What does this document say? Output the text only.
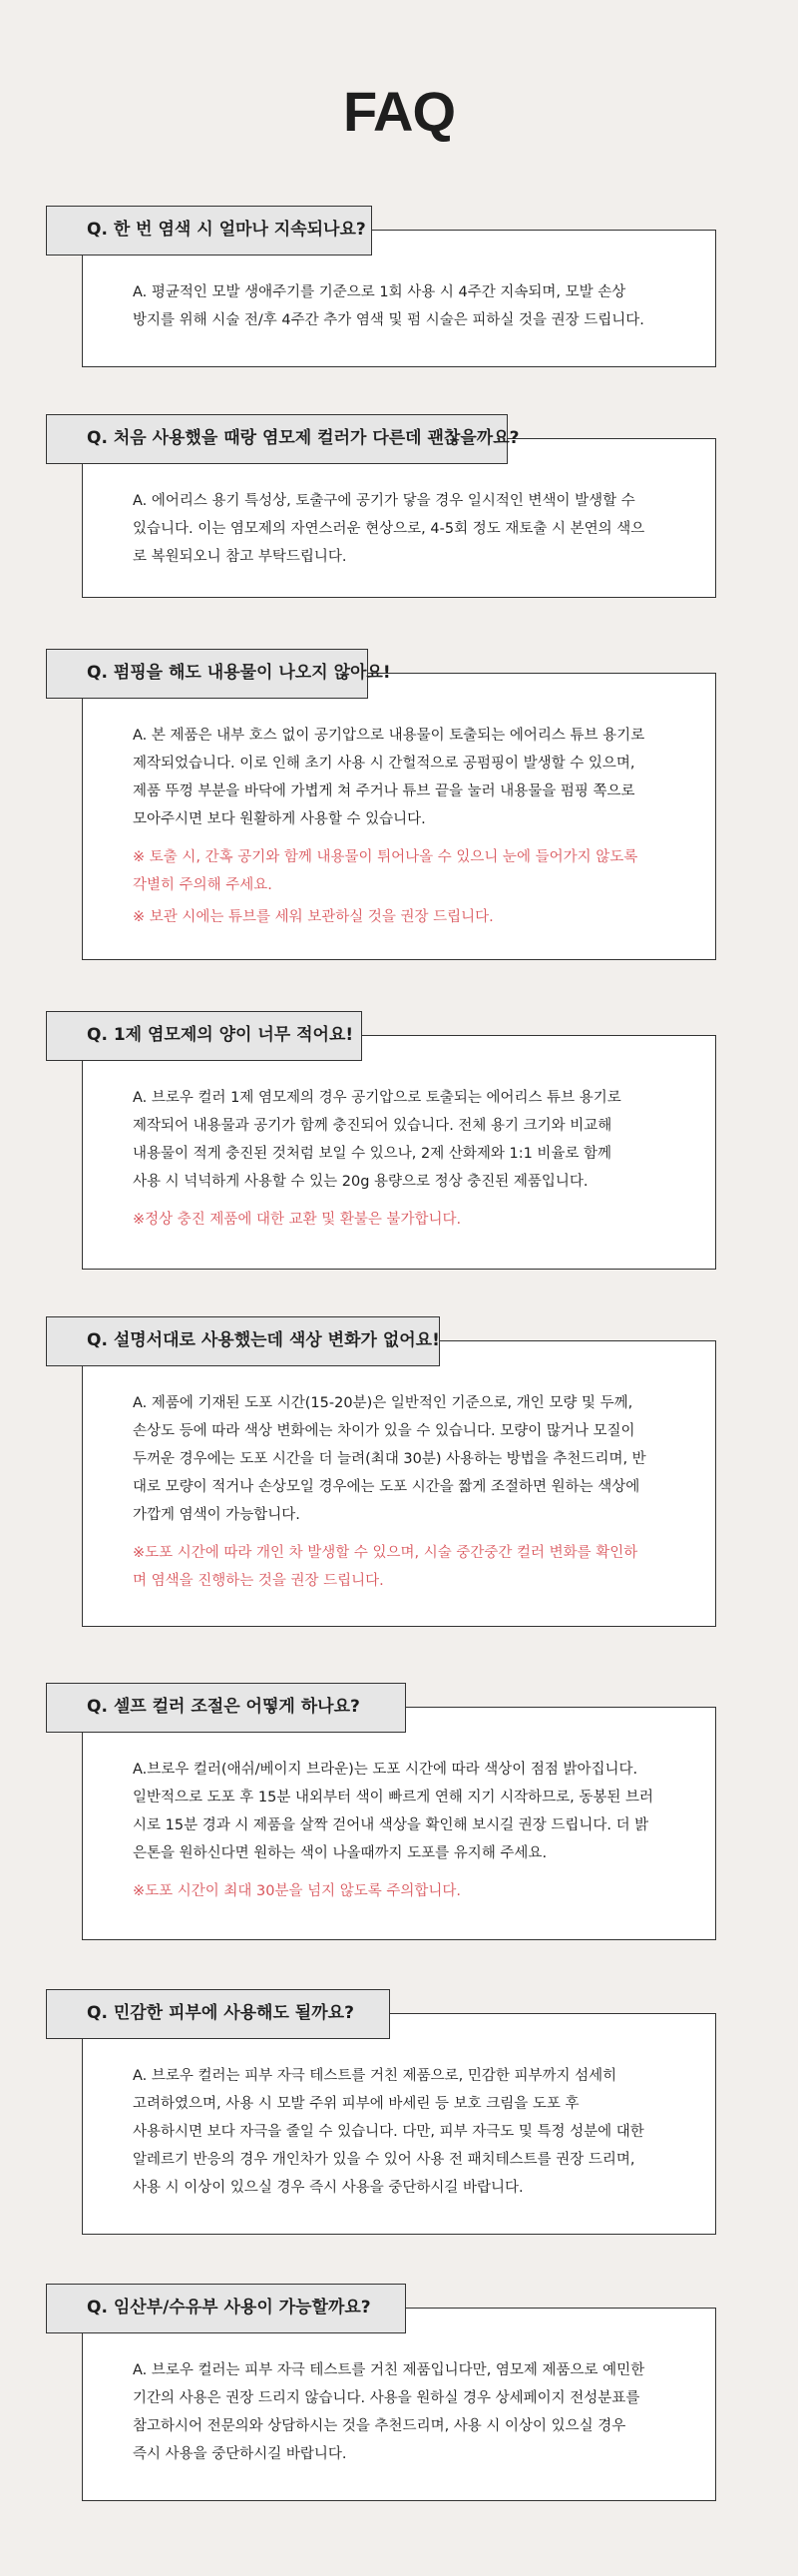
FAQ
Q. 한 번 염색 시 얼마나 지속되나요?

A. 평균적인 모발 생애주기를 기준으로 1회 사용 시 4주간 지속되며, 모발 손상
방지를 위해 시술 전/후 4주간 추가 염색 및 펌 시술은 피하실 것을 권장 드립니다.

Q. 처음 사용했을 때랑 염모제 컬러가 다른데 괜찮을까요?

A. 에어리스 용기 특성상, 토출구에 공기가 닿을 경우 일시적인 변색이 발생할 수
있습니다. 이는 염모제의 자연스러운 현상으로, 4-5회 정도 재토출 시 본연의 색으
로 복원되오니 참고 부탁드립니다.

Q. 펌핑을 해도 내용물이 나오지 않아요!

A. 본 제품은 내부 호스 없이 공기압으로 내용물이 토출되는 에어리스 튜브 용기로
제작되었습니다. 이로 인해 초기 사용 시 간헐적으로 공펌핑이 발생할 수 있으며,
제품 뚜껑 부분을 바닥에 가볍게 쳐 주거나 튜브 끝을 눌러 내용물을 펌핑 쪽으로
모아주시면 보다 원활하게 사용할 수 있습니다.

※ 토출 시, 간혹 공기와 함께 내용물이 튀어나올 수 있으니 눈에 들어가지 않도록
각별히 주의해 주세요.

※ 보관 시에는 튜브를 세워 보관하실 것을 권장 드립니다.

Q. 1제 염모제의 양이 너무 적어요!

A. 브로우 컬러 1제 염모제의 경우 공기압으로 토출되는 에어리스 튜브 용기로
제작되어 내용물과 공기가 함께 충진되어 있습니다. 전체 용기 크기와 비교해
내용물이 적게 충진된 것처럼 보일 수 있으나, 2제 산화제와 1:1 비율로 함께
사용 시 넉넉하게 사용할 수 있는 20g 용량으로 정상 충진된 제품입니다.

※정상 충진 제품에 대한 교환 및 환불은 불가합니다.

Q. 설명서대로 사용했는데 색상 변화가 없어요!

A. 제품에 기재된 도포 시간(15-20분)은 일반적인 기준으로, 개인 모량 및 두께,
손상도 등에 따라 색상 변화에는 차이가 있을 수 있습니다. 모량이 많거나 모질이
두꺼운 경우에는 도포 시간을 더 늘려(최대 30분) 사용하는 방법을 추천드리며, 반
대로 모량이 적거나 손상모일 경우에는 도포 시간을 짧게 조절하면 원하는 색상에
가깝게 염색이 가능합니다.

※도포 시간에 따라 개인 차 발생할 수 있으며, 시술 중간중간 컬러 변화를 확인하
며 염색을 진행하는 것을 권장 드립니다.

Q. 셀프 컬러 조절은 어떻게 하나요?

A.브로우 컬러(애쉬/베이지 브라운)는 도포 시간에 따라 색상이 점점 밝아집니다.
일반적으로 도포 후 15분 내외부터 색이 빠르게 연해 지기 시작하므로, 동봉된 브러
시로 15분 경과 시 제품을 살짝 걷어내 색상을 확인해 보시길 권장 드립니다. 더 밝
은톤을 원하신다면 원하는 색이 나올때까지 도포를 유지해 주세요.

※도포 시간이 최대 30분을 넘지 않도록 주의합니다.

Q. 민감한 피부에 사용해도 될까요?

A. 브로우 컬러는 피부 자극 테스트를 거친 제품으로, 민감한 피부까지 섬세히
고려하였으며, 사용 시 모발 주위 피부에 바세린 등 보호 크림을 도포 후
사용하시면 보다 자극을 줄일 수 있습니다. 다만, 피부 자극도 및 특정 성분에 대한
알레르기 반응의 경우 개인차가 있을 수 있어 사용 전 패치테스트를 권장 드리며,
사용 시 이상이 있으실 경우 즉시 사용을 중단하시길 바랍니다.

Q. 임산부/수유부 사용이 가능할까요?

A. 브로우 컬러는 피부 자극 테스트를 거친 제품입니다만, 염모제 제품으로 예민한
기간의 사용은 권장 드리지 않습니다. 사용을 원하실 경우 상세페이지 전성분표를
참고하시어 전문의와 상담하시는 것을 추천드리며, 사용 시 이상이 있으실 경우
즉시 사용을 중단하시길 바랍니다.
